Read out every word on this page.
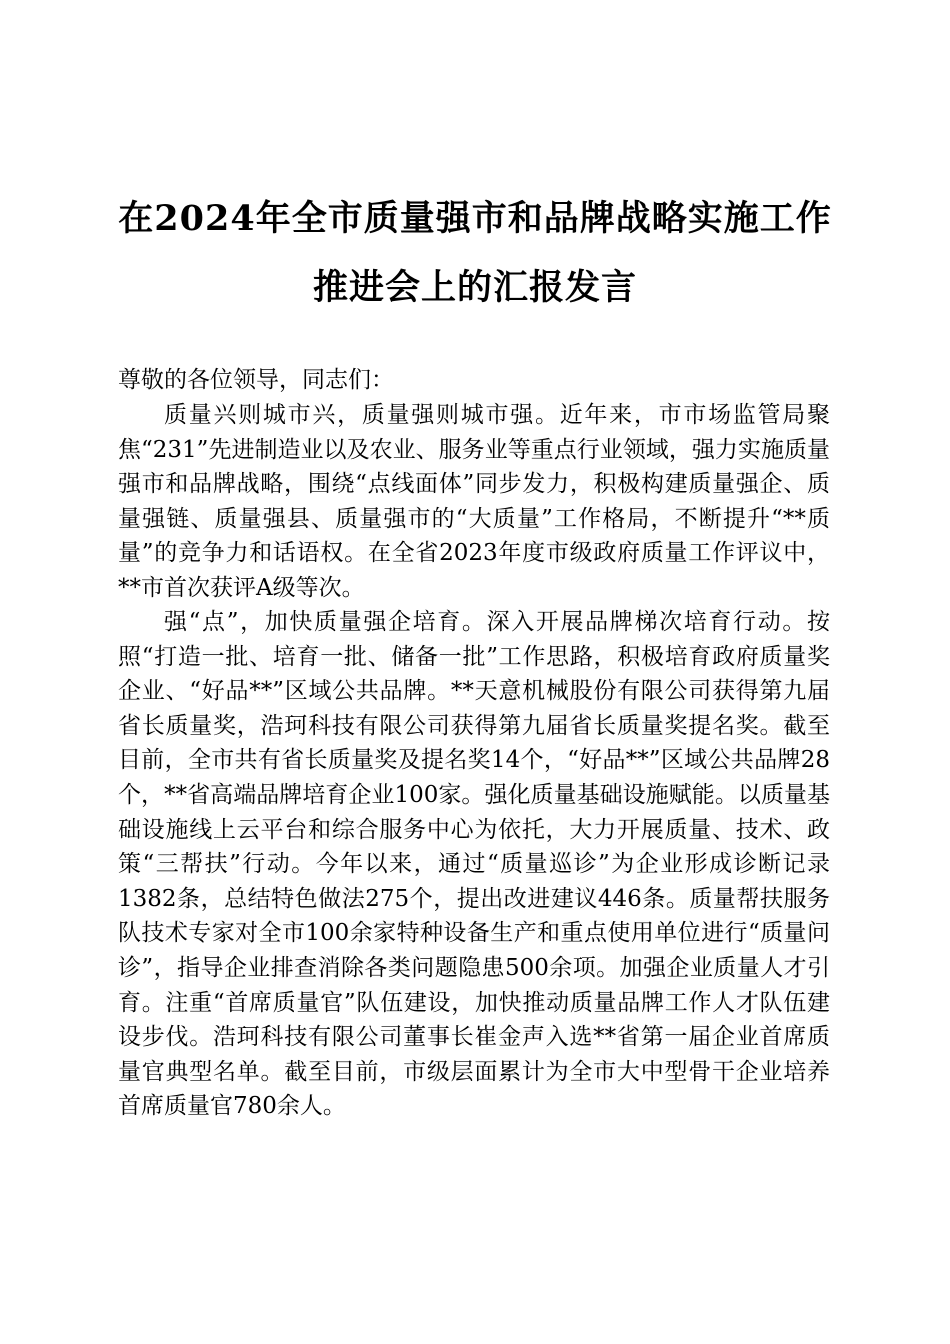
在2024年全市质量强市和品牌战略实施工作
推进会上的汇报发言

尊敬的各位领导，同志们：

质量兴则城市兴，质量强则城市强。近年来，市市场监管局聚焦“231”先进制造业以及农业、服务业等重点行业领域，强力实施质量强市和品牌战略，围绕“点线面体”同步发力，积极构建质量强企、质量强链、质量强县、质量强市的“大质量”工作格局，不断提升“**质量”的竞争力和话语权。在全省2023年度市级政府质量工作评议中，**市首次获评A级等次。

强“点”，加快质量强企培育。深入开展品牌梯次培育行动。按照“打造一批、培育一批、储备一批”工作思路，积极培育政府质量奖企业、“好品**”区域公共品牌。**天意机械股份有限公司获得第九届省长质量奖，浩珂科技有限公司获得第九届省长质量奖提名奖。截至目前，全市共有省长质量奖及提名奖14个，“好品**”区域公共品牌28个，**省高端品牌培育企业100家。强化质量基础设施赋能。以质量基础设施线上云平台和综合服务中心为依托，大力开展质量、技术、政策“三帮扶”行动。今年以来，通过“质量巡诊”为企业形成诊断记录1382条，总结特色做法275个，提出改进建议446条。质量帮扶服务队技术专家对全市100余家特种设备生产和重点使用单位进行“质量问诊”，指导企业排查消除各类问题隐患500余项。加强企业质量人才引育。注重“首席质量官”队伍建设，加快推动质量品牌工作人才队伍建设步伐。浩珂科技有限公司董事长崔金声入选**省第一届企业首席质量官典型名单。截至目前，市级层面累计为全市大中型骨干企业培养首席质量官780余人。
